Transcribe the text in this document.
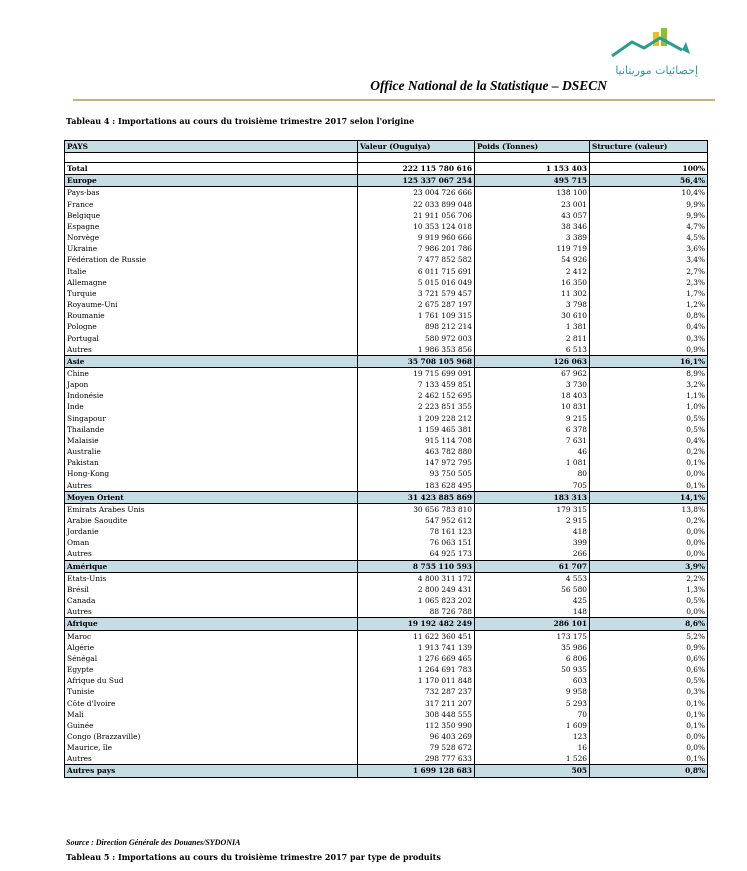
إحصائيات موريتانيا
Office National de la Statistique – DSECN
Tableau 4 : Importations au cours du troisième trimestre 2017 selon l'origine
PAYS	Valeur (Ouguiya)	Poids (Tonnes)	Structure (valeur)

Total	222 115 780 616	1 153 403	100%
Europe	125 337 067 254	495 715	56,4%
Pays-bas	23 004 726 666	138 100	10,4%
France	22 033 899 048	23 001	9,9%
Belgique	21 911 056 706	43 057	9,9%
Espagne	10 353 124 018	38 346	4,7%
Norvège	9 919 960 666	3 389	4,5%
Ukraine	7 986 201 786	119 719	3,6%
Fédération de Russie	7 477 852 582	54 926	3,4%
Italie	6 011 715 691	2 412	2,7%
Allemagne	5 015 016 049	16 350	2,3%
Turquie	3 721 579 457	11 302	1,7%
Royaume-Uni	2 675 287 197	3 798	1,2%
Roumanie	1 761 109 315	30 610	0,8%
Pologne	898 212 214	1 381	0,4%
Portugal	580 972 003	2 811	0,3%
Autres	1 986 353 856	6 513	0,9%
Asie	35 708 105 968	126 063	16,1%
Chine	19 715 699 091	67 962	8,9%
Japon	7 133 459 851	3 730	3,2%
Indonésie	2 462 152 695	18 403	1,1%
Inde	2 223 851 355	10 831	1,0%
Singapour	1 209 228 212	9 215	0,5%
Thailande	1 159 465 381	6 378	0,5%
Malaisie	915 114 708	7 631	0,4%
Australie	463 782 880	46	0,2%
Pakistan	147 972 795	1 081	0,1%
Hong-Kong	93 750 505	80	0,0%
Autres	183 628 495	705	0,1%
Moyen Orient	31 423 885 869	183 313	14,1%
Emirats Arabes Unis	30 656 783 810	179 315	13,8%
Arabie Saoudite	547 952 612	2 915	0,2%
Jordanie	78 161 123	418	0,0%
Oman	76 063 151	399	0,0%
Autres	64 925 173	266	0,0%
Amérique	8 755 110 593	61 707	3,9%
Etats-Unis	4 800 311 172	4 553	2,2%
Brésil	2 800 249 431	56 580	1,3%
Canada	1 065 823 202	425	0,5%
Autres	88 726 788	148	0,0%
Afrique	19 192 482 249	286 101	8,6%
Maroc	11 622 360 451	173 175	5,2%
Algérie	1 913 741 139	35 986	0,9%
Sénégal	1 276 669 465	6 806	0,6%
Egypte	1 264 691 783	50 935	0,6%
Afrique du Sud	1 170 011 848	603	0,5%
Tunisie	732 287 237	9 958	0,3%
Côte d'Ivoire	317 211 207	5 293	0,1%
Mali	308 448 555	70	0,1%
Guinée	112 350 990	1 609	0,1%
Congo (Brazzaville)	96 403 269	123	0,0%
Maurice, île	79 528 672	16	0,0%
Autres	298 777 633	1 526	0,1%
Autres pays	1 699 128 683	505	0,8%
Source : Direction Générale des Douanes/SYDONIA
Tableau 5 : Importations au cours du troisième trimestre 2017 par type de produits
